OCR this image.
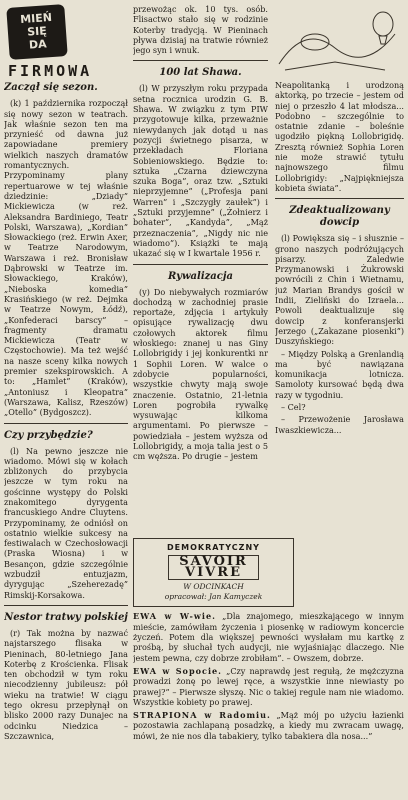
MIEŃ
SIĘ
DA
FIRMOWA
Zaczął się sezon.

(k) 1 października rozpoczął się nowy sezon w teatrach. Jak właśnie sezon ten ma przynieść od dawna już zapowiadane premiery wielkich naszych dramatów romantycznych. Przypominamy plany repertuarowe w tej właśnie dziedzinie: „Dziady” Mickiewicza (w reż. Aleksandra Bardiniego, Teatr Polski, Warszawa), „Kordian” Słowackiego (reż. Erwin Axer, w Teatrze Narodowym, Warszawa i reż. Bronisław Dąbrowski w Teatrze im. Słowackiego, Kraków), „Nieboska komedia” Krasińskiego (w reż. Dejmka w Teatrze Nowym, Łódź), „Konfederaci barscy” – fragmenty dramatu Mickiewicza (Teatr w Częstochowie). Ma też wejść na nasze sceny kilka nowych premier szekspirowskich. A to: „Hamlet” (Kraków), „Antoniusz i Kleopatra” (Warszawa, Kalisz, Rzeszów) „Otello” (Bydgoszcz).

Czy przybędzie?

(l) Na pewno jeszcze nie wiadomo. Mówi się w kołach zbliżonych do przybycia jeszcze w tym roku na gościnne występy do Polski znakomitego dyrygenta francuskiego Andre Cluytens. Przypominamy, że odniósł on ostatnio wielkie sukcesy na festiwalach w Czechosłowacji (Praska Wiosna) i w Besançon, gdzie szczególnie wzbudził entuzjazm, dyrygując „Szeherezadę” Rimskij-Korsakowa.

Nestor tratwy polskiej

(r) Tak można by nazwać najstarszego flisaka w Pieninach, 80-letniego Jana Koterbę z Krościenka. Flisak ten obchodził w tym roku niecodzienny jubileusz: pół wieku na tratwie! W ciągu tego okresu przepłynął on blisko 2000 razy Dunajec na odcinku Niedzica – Szczawnica,

przewożąc ok. 10 tys. osób. Flisactwo stało się w rodzinie Koterby tradycją. W Pieninach pływa dzisiaj na tratwie również jego syn i wnuk.

100 lat Shawa.

(l) W przyszłym roku przypada setna rocznica urodzin G. B. Shawa. W związku z tym PIW przygotowuje kilka, przeważnie niewydanych jak dotąd u nas pozycji świetnego pisarza, w przekładach Floriana Sobieniowskiego. Będzie to: sztuka „Czarna dziewczyna szuka Boga”, oraz tzw. „Sztuki nieprzyjemne” („Profesja pani Warren” i „Szczygły zaułek”) i „Sztuki przyjemne” („Żołnierz i bohater”, „Kandyda”, „Mąż przeznaczenia”, „Nigdy nic nie wiadomo”). Książki te mają ukazać się w I kwartale 1956 r.

Rywalizacja

(y) Do niebywałych rozmiarów dochodzą w zachodniej prasie reportaże, zdjęcia i artykuły opisujące rywalizację dwu czołowych aktorek filmu włoskiego: znanej u nas Giny Lollobrigidy i jej konkurentki nr 1 Sophii Loren. W walce o zdobycie popularności, wszystkie chwyty mają swoje znaczenie. Ostatnio, 21-letnia Loren pogrobiła rywalkę wysuwając kilkoma argumentami. Po pierwsze – powiedziała – jestem wyższa od Lollobrigidy, a moja talia jest o 5 cm węższa. Po drugie – jestem

Neapolitanką i urodzoną aktorką, po trzecie – jestem od niej o przeszło 4 lat młodsza... Podobno – szczególnie to ostatnie zdanie – boleśnie ugodziło piękną Lollobrigidę. Zresztą również Sophia Loren nie może strawić tytułu najnowszego filmu Lollobrigidy: „Najpiękniejsza kobieta świata”.

Zdeaktualizowany dowcip

(l) Powiększa się – i słusznie – grono naszych podróżujących pisarzy. Zaledwie Przymanowski i Żukrowski powrócili z Chin i Wietnamu, już Marian Brandys gościł w Indii, Zieliński do Izraela... Powoli deaktualizuje się dowcip z konferansjerki Jerzego („Zakazane piosenki”) Duszyńskiego:

– Między Polską a Grenlandią ma być nawiązana komunikacja lotnicza. Samoloty kursować będą dwa razy w tygodniu.

– Cel?

– Przewożenie Jarosława Iwaszkiewicza...

DEMOKRATYCZNY
SAVOIR VIVRE
W ODCINKACH
opracował: Jan Kamyczek
EWA w W-wie. „Dla znajomego, mieszkającego w innym mieście, zamówiłam życzenia i piosenkę w radiowym koncercie życzeń. Potem dla większej pewności wysłałam mu kartkę z prośbą, by słuchał tych audycji, nie wyjaśniając dlaczego. Nie jestem pewna, czy dobrze zrobiłam”. – Owszem, dobrze.
EWA w Sopocie. „Czy naprawdę jest regułą, że mężczyzna prowadzi żonę po lewej ręce, a wszystkie inne niewiasty po prawej?” – Pierwsze słyszę. Nic o takiej regule nam nie wiadomo. Wszystkie kobiety po prawej.
STRAPIONA w Radomiu. „Mąż mój po użyciu łazienki pozostawia zachlapaną posadzkę, a kiedy mu zwracam uwagę, mówi, że nie nos dla tabakiery, tylko tabakiera dla nosa...”
